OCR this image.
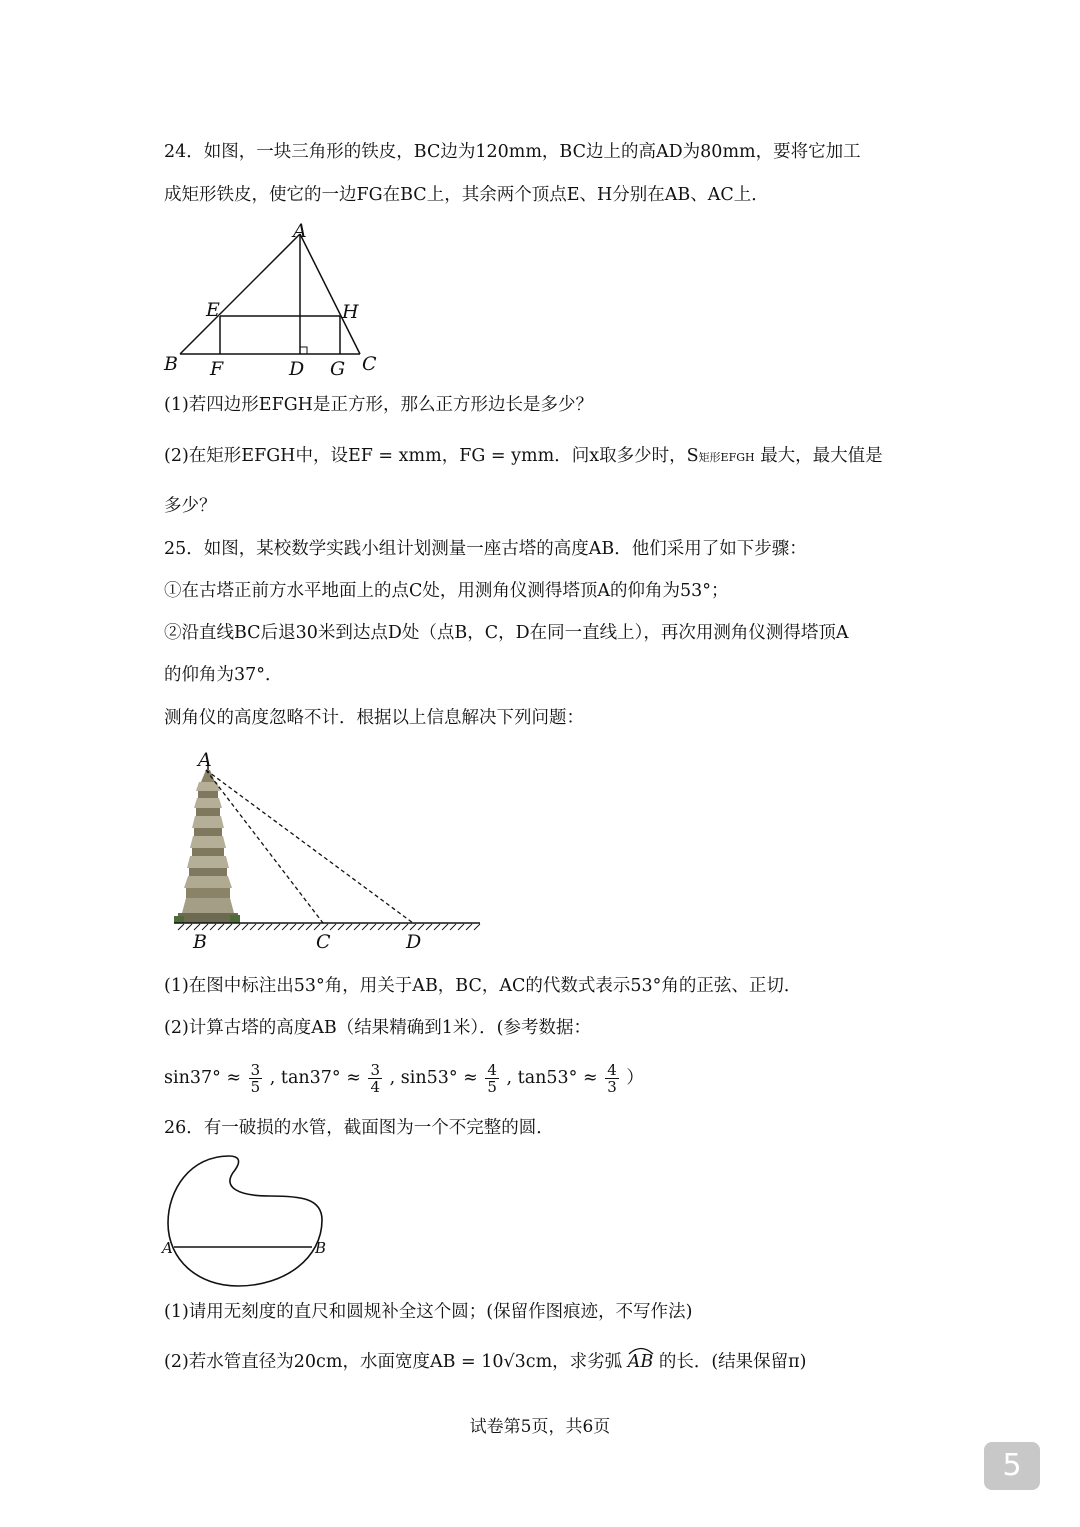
24．如图，一块三角形的铁皮，BC边为120mm，BC边上的高AD为80mm，要将它加工
成矩形铁皮，使它的一边FG在BC上，其余两个顶点E、H分别在AB、AC上．
A
B	C
D
E
F	G
H
(1)若四边形EFGH是正方形，那么正方形边长是多少？
(2)在矩形EFGH中，设EF = xmm，FG = ymm．问x取多少时，S矩形EFGH 最大，最大值是
多少？
25．如图，某校数学实践小组计划测量一座古塔的高度AB．他们采用了如下步骤：
①在古塔正前方水平地面上的点C处，用测角仪测得塔顶A的仰角为53°；
②沿直线BC后退30米到达点D处（点B，C，D在同一直线上），再次用测角仪测得塔顶A
的仰角为37°．
测角仪的高度忽略不计．根据以上信息解决下列问题：
A
B	C	D
(1)在图中标注出53°角，用关于AB，BC，AC的代数式表示53°角的正弦、正切．
(2)计算古塔的高度AB（结果精确到1米）．(参考数据：
$\sin 37^\circ \approx \frac{3}{5}$ , $\tan 37^\circ \approx \frac{3}{4}$ , $\sin 53^\circ \approx \frac{4}{5}$ , $\tan 53^\circ \approx \frac{4}{3}$ ）
26．有一破损的水管，截面图为一个不完整的圆．
A	B
(1)请用无刻度的直尺和圆规补全这个圆；(保留作图痕迹，不写作法)
(2)若水管直径为20cm，水面宽度AB = 10√3cm，求劣弧 AB 的长．(结果保留π)
试卷第5页，共6页
5
